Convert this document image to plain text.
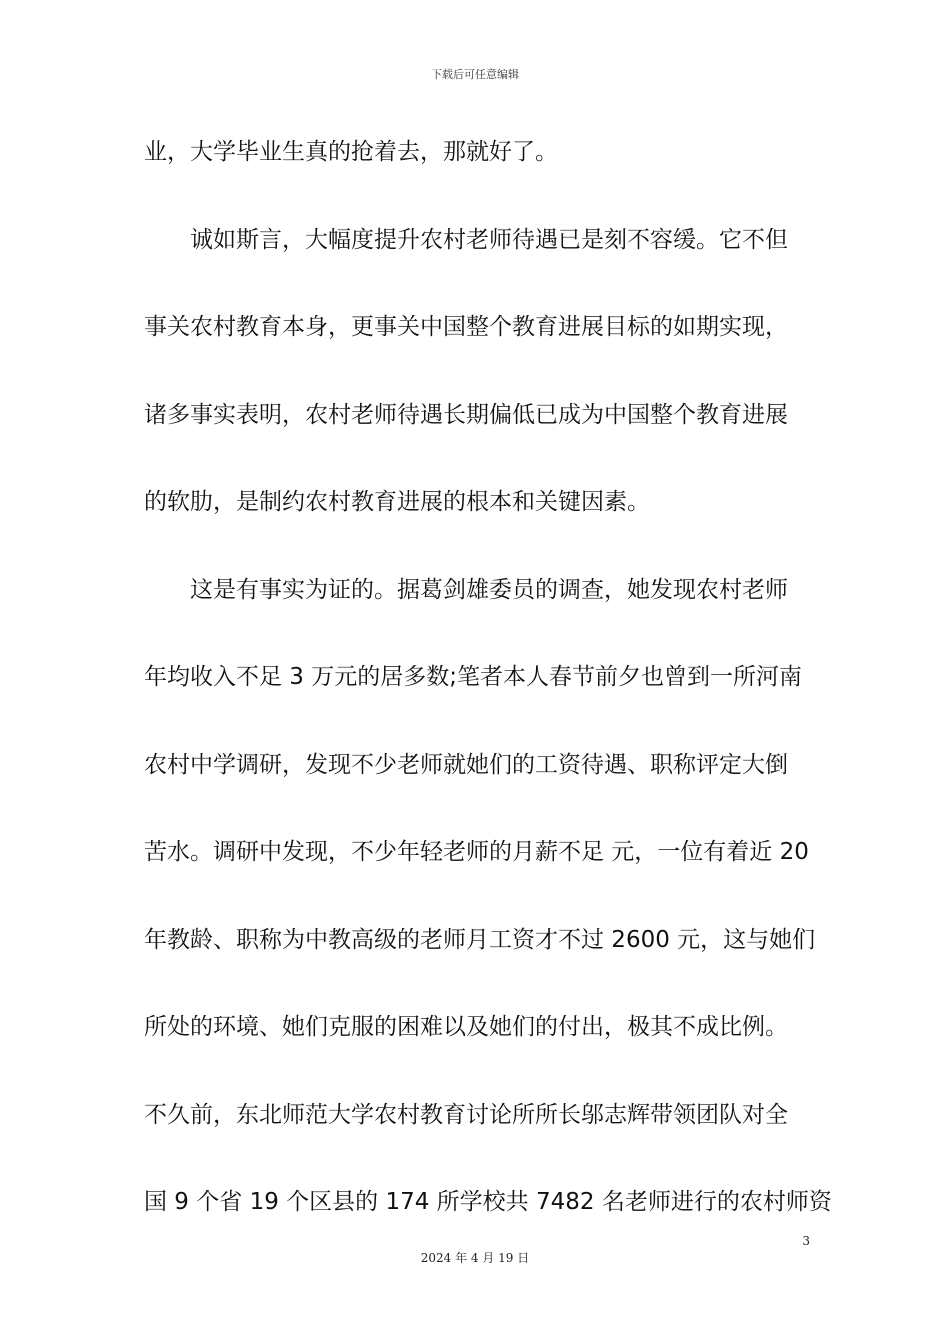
下载后可任意编辑
业，大学毕业生真的抢着去，那就好了。
诚如斯言，大幅度提升农村老师待遇已是刻不容缓。它不但
事关农村教育本身，更事关中国整个教育进展目标的如期实现，
诸多事实表明，农村老师待遇长期偏低已成为中国整个教育进展
的软肋，是制约农村教育进展的根本和关键因素。
这是有事实为证的。据葛剑雄委员的调查，她发现农村老师
年均收入不足 3 万元的居多数;笔者本人春节前夕也曾到一所河南
农村中学调研，发现不少老师就她们的工资待遇、职称评定大倒
苦水。调研中发现，不少年轻老师的月薪不足 元，一位有着近 20
年教龄、职称为中教高级的老师月工资才不过 2600 元，这与她们
所处的环境、她们克服的困难以及她们的付出，极其不成比例。
不久前，东北师范大学农村教育讨论所所长邬志辉带领团队对全
国 9 个省 19 个区县的 174 所学校共 7482 名老师进行的农村师资
3
2024 年 4 月 19 日
